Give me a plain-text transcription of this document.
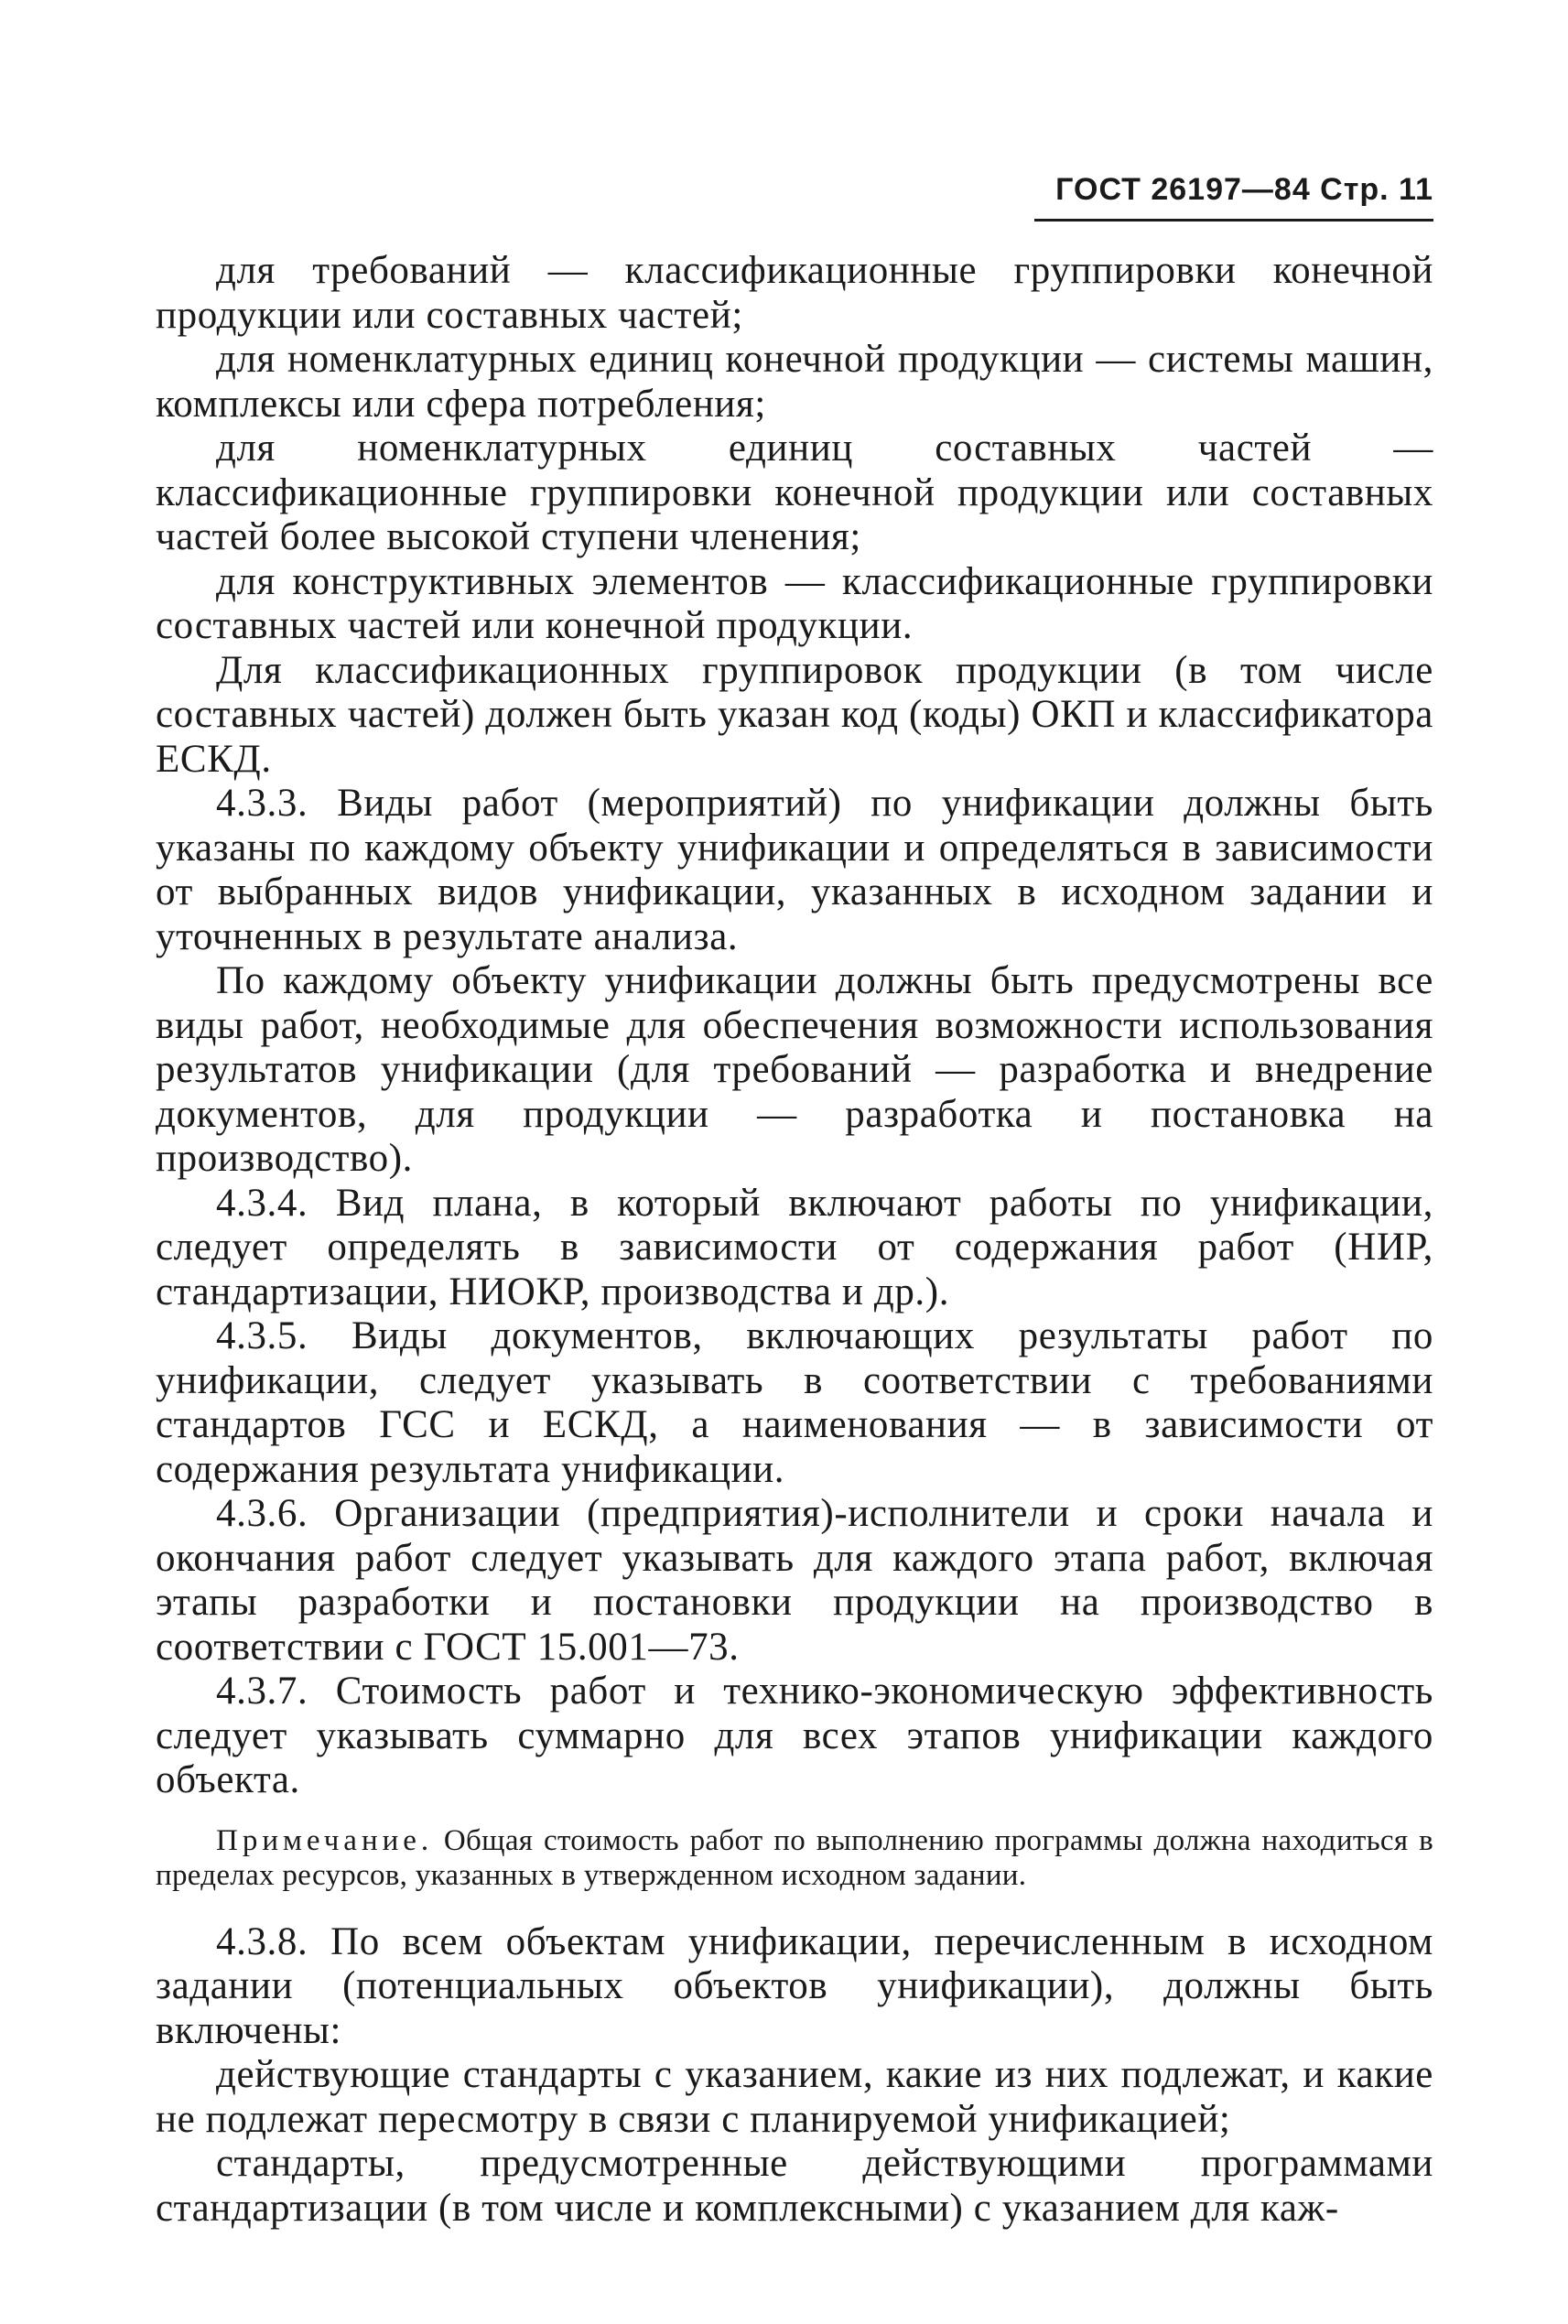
ГОСТ 26197—84 Стр. 11

для требований — классификационные группировки конечной продукции или составных частей;

для номенклатурных единиц конечной продукции — системы машин, комплексы или сфера потребления;

для номенклатурных единиц составных частей — классификационные группировки конечной продукции или составных частей более высокой ступени членения;

для конструктивных элементов — классификационные группировки составных частей или конечной продукции.

Для классификационных группировок продукции (в том числе составных частей) должен быть указан код (коды) ОКП и классификатора ЕСКД.

4.3.3. Виды работ (мероприятий) по унификации должны быть указаны по каждому объекту унификации и определяться в зависимости от выбранных видов унификации, указанных в исходном задании и уточненных в результате анализа.

По каждому объекту унификации должны быть предусмотрены все виды работ, необходимые для обеспечения возможности использования результатов унификации (для требований — разработка и внедрение документов, для продукции — разработка и постановка на производство).

4.3.4. Вид плана, в который включают работы по унификации, следует определять в зависимости от содержания работ (НИР, стандартизации, НИОКР, производства и др.).

4.3.5. Виды документов, включающих результаты работ по унификации, следует указывать в соответствии с требованиями стандартов ГСС и ЕСКД, а наименования — в зависимости от содержания результата унификации.

4.3.6. Организации (предприятия)-исполнители и сроки начала и окончания работ следует указывать для каждого этапа работ, включая этапы разработки и постановки продукции на производство в соответствии с ГОСТ 15.001—73.

4.3.7. Стоимость работ и технико-экономическую эффективность следует указывать суммарно для всех этапов унификации каждого объекта.

Примечание. Общая стоимость работ по выполнению программы должна находиться в пределах ресурсов, указанных в утвержденном исходном задании.

4.3.8. По всем объектам унификации, перечисленным в исходном задании (потенциальных объектов унификации), должны быть включены:

действующие стандарты с указанием, какие из них подлежат, и какие не подлежат пересмотру в связи с планируемой унификацией;

стандарты, предусмотренные действующими программами стандартизации (в том числе и комплексными) с указанием для каж-
